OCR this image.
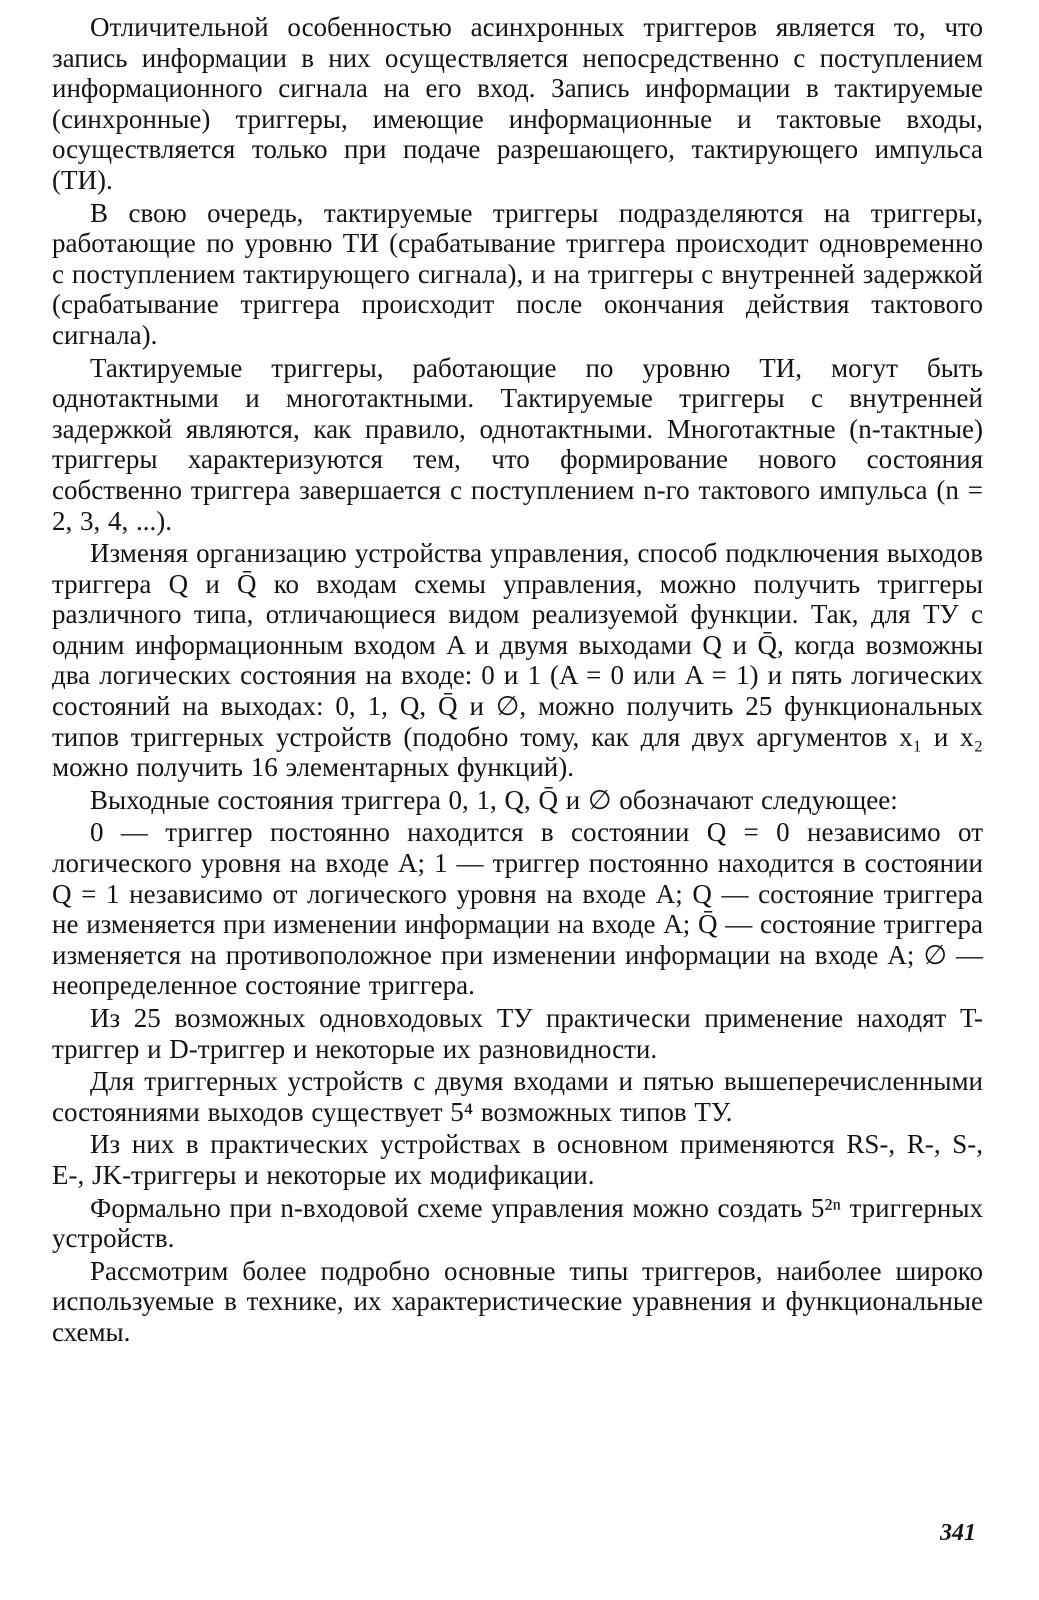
Отличительной особенностью асинхронных триггеров является то, что запись информации в них осуществляется непосредственно с поступлением информационного сигнала на его вход. Запись информации в тактируемые (синхронные) триггеры, имеющие информационные и тактовые входы, осуществляется только при подаче разрешающего, тактирующего импульса (ТИ).

В свою очередь, тактируемые триггеры подразделяются на триггеры, работающие по уровню ТИ (срабатывание триггера происходит одновременно с поступлением тактирующего сигнала), и на триггеры с внутренней задержкой (срабатывание триггера происходит после окончания действия тактового сигнала).

Тактируемые триггеры, работающие по уровню ТИ, могут быть однотактными и многотактными. Тактируемые триггеры с внутренней задержкой являются, как правило, однотактными. Многотактные (n-тактные) триггеры характеризуются тем, что формирование нового состояния собственно триггера завершается с поступлением n-го тактового импульса (n = 2, 3, 4, ...).

Изменяя организацию устройства управления, способ подключения выходов триггера Q и Q̄ ко входам схемы управления, можно получить триггеры различного типа, отличающиеся видом реализуемой функции. Так, для ТУ с одним информационным входом A и двумя выходами Q и Q̄, когда возможны два логических состояния на входе: 0 и 1 (A = 0 или A = 1) и пять логических состояний на выходах: 0, 1, Q, Q̄ и ∅, можно получить 25 функциональных типов триггерных устройств (подобно тому, как для двух аргументов x₁ и x₂ можно получить 16 элементарных функций).

Выходные состояния триггера 0, 1, Q, Q̄ и ∅ обозначают следующее:

0 — триггер постоянно находится в состоянии Q = 0 независимо от логического уровня на входе A; 1 — триггер постоянно находится в состоянии Q = 1 независимо от логического уровня на входе A; Q — состояние триггера не изменяется при изменении информации на входе A; Q̄ — состояние триггера изменяется на противоположное при изменении информации на входе A; ∅ — неопределенное состояние триггера.

Из 25 возможных одновходовых ТУ практически применение находят T-триггер и D-триггер и некоторые их разновидности.

Для триггерных устройств с двумя входами и пятью вышеперечисленными состояниями выходов существует 5⁴ возможных типов ТУ.

Из них в практических устройствах в основном применяются RS-, R-, S-, E-, JK-триггеры и некоторые их модификации.

Формально при n-входовой схеме управления можно создать 5²ⁿ триггерных устройств.

Рассмотрим более подробно основные типы триггеров, наиболее широко используемые в технике, их характеристические уравнения и функциональные схемы.

341
